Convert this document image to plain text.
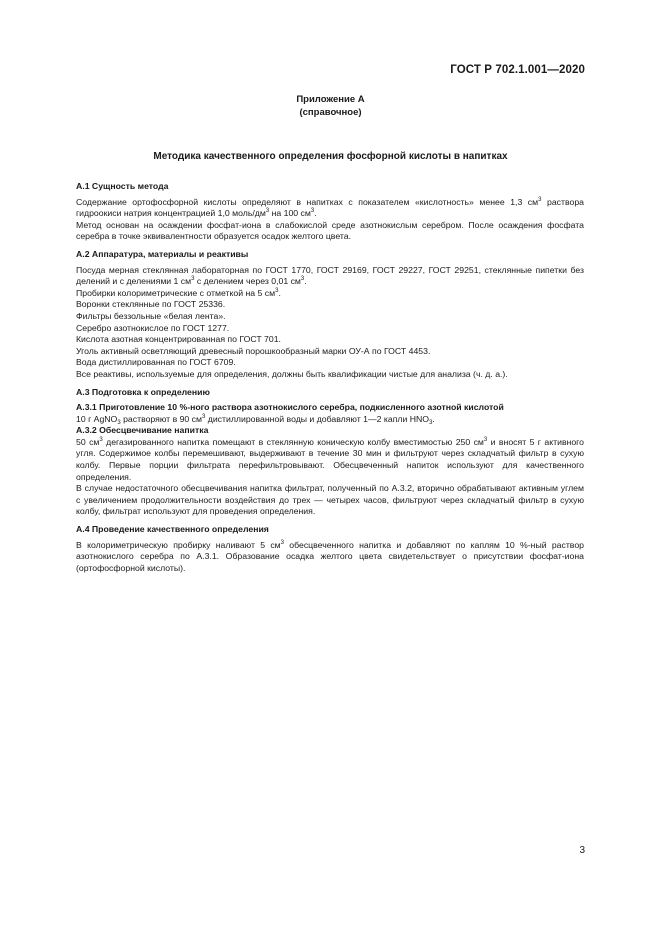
ГОСТ Р 702.1.001—2020
Приложение А
(справочное)
Методика качественного определения фосфорной кислоты в напитках

А.1 Сущность метода

Содержание ортофосфорной кислоты определяют в напитках с показателем «кислотность» менее 1,3 $см^3$ раствора гидроокиси натрия концентрацией 1,0 моль/$дм^3$ на 100 $см^3$.

Метод основан на осаждении фосфат-иона в слабокислой среде азотнокислым серебром. После осаждения фосфата серебра в точке эквивалентности образуется осадок желтого цвета.

А.2 Аппаратура, материалы и реактивы

Посуда мерная стеклянная лабораторная по ГОСТ 1770, ГОСТ 29169, ГОСТ 29227, ГОСТ 29251, стеклянные пипетки без делений и с делениями 1 $см^3$ с делением через 0,01 $см^3$.

Пробирки колориметрические с отметкой на 5 $см^3$.

Воронки стеклянные по ГОСТ 25336.

Фильтры беззольные «белая лента».

Серебро азотнокислое по ГОСТ 1277.

Кислота азотная концентрированная по ГОСТ 701.

Уголь активный осветляющий древесный порошкообразный марки ОУ-А по ГОСТ 4453.

Вода дистиллированная по ГОСТ 6709.

Все реактивы, используемые для определения, должны быть квалификации чистые для анализа (ч. д. а.).

А.3 Подготовка к определению

А.3.1 Приготовление 10 %-ного раствора азотнокислого серебра, подкисленного азотной кислотой

10 г AgNO$_3$ растворяют в 90 $см^3$ дистиллированной воды и добавляют 1—2 капли $HNO_3$.

А.3.2 Обесцвечивание напитка

50 $см^3$ дегазированного напитка помещают в стеклянную коническую колбу вместимостью 250 $см^3$ и вносят 5 г активного угля. Содержимое колбы перемешивают, выдерживают в течение 30 мин и фильтруют через складчатый фильтр в сухую колбу. Первые порции фильтрата перефильтровывают. Обесцвеченный напиток используют для качественного определения.

В случае недостаточного обесцвечивания напитка фильтрат, полученный по А.3.2, вторично обрабатывают активным углем с увеличением продолжительности воздействия до трех — четырех часов, фильтруют через складчатый фильтр в сухую колбу, фильтрат используют для проведения определения.

А.4 Проведение качественного определения

В колориметрическую пробирку наливают 5 $см^3$ обесцвеченного напитка и добавляют по каплям 10 %-ный раствор азотнокислого серебра по А.3.1. Образование осадка желтого цвета свидетельствует о присутствии фосфат-иона (ортофосфорной кислоты).

3
